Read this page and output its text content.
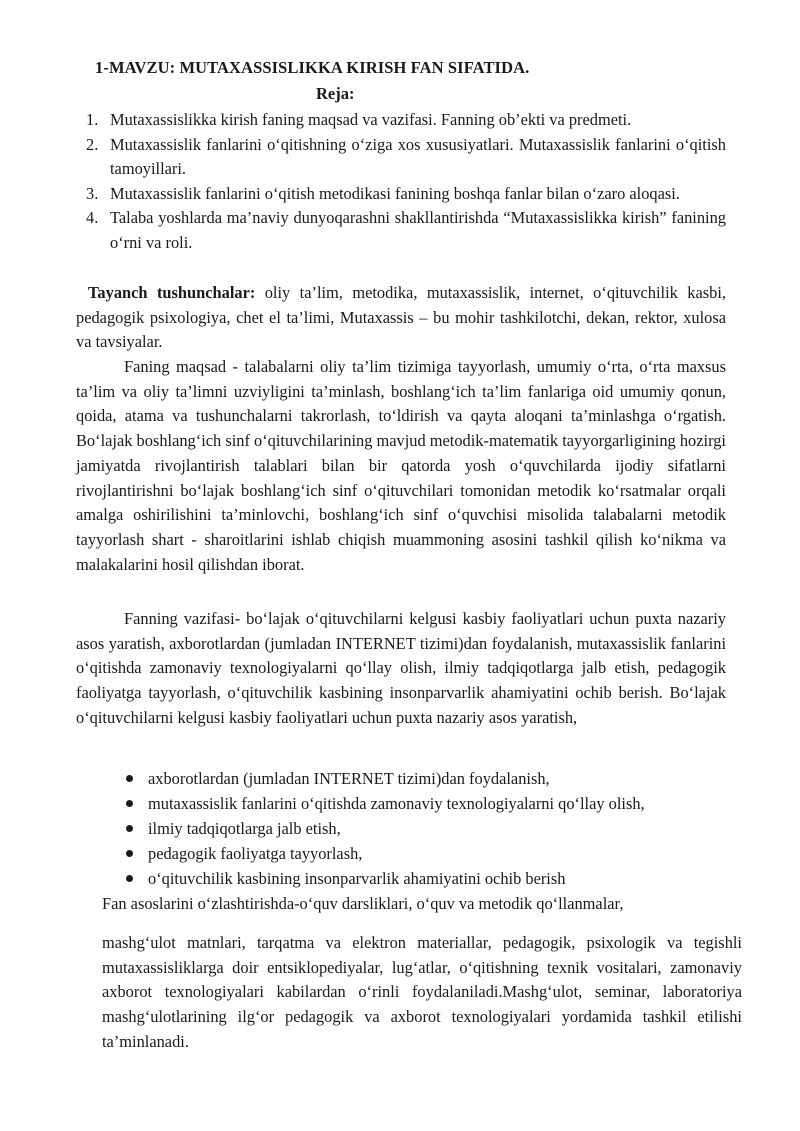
1-MAVZU: MUTAXASSISLIKKA KIRISH FAN SIFATIDA.

Reja:

1. Mutaxassislikka kirish faning maqsad va vazifasi. Fanning ob’ekti va predmeti.
2. Mutaxassislik fanlarini o‘qitishning o‘ziga xos xususiyatlari. Mutaxassislik fanlarini o‘qitish tamoyillari.
3. Mutaxassislik fanlarini o‘qitish metodikasi fanining boshqa fanlar bilan o‘zaro aloqasi.
4. Talaba yoshlarda ma’naviy dunyoqarashni shakllantirishda “Mutaxassislikka kirish” fanining o‘rni va roli.

Tayanch tushunchalar: oliy ta’lim, metodika, mutaxassislik, internet, o‘qituvchilik kasbi, pedagogik psixologiya, chet el ta’limi, Mutaxassis – bu mohir tashkilotchi, dekan, rektor, xulosa va tavsiyalar.

Faning maqsad - talabalarni oliy ta’lim tizimiga tayyorlash, umumiy o‘rta, o‘rta maxsus ta’lim va oliy ta’limni uzviyligini ta’minlash, boshlang‘ich ta’lim fanlariga oid umumiy qonun, qoida, atama va tushunchalarni takrorlash, to‘ldirish va qayta aloqani ta’minlashga o‘rgatish. Bo‘lajak boshlang‘ich sinf o‘qituvchilarining mavjud metodik-matematik tayyorgarligining hozirgi jamiyatda rivojlantirish talablari bilan bir qatorda yosh o‘quvchilarda ijodiy sifatlarni rivojlantirishni bo‘lajak boshlang‘ich sinf o‘qituvchilari tomonidan metodik ko‘rsatmalar orqali amalga oshirilishini ta’minlovchi, boshlang‘ich sinf o‘quvchisi misolida talabalarni metodik tayyorlash shart - sharoitlarini ishlab chiqish muammoning asosini tashkil qilish ko‘nikma va malakalarini hosil qilishdan iborat.

Fanning vazifasi- bo‘lajak o‘qituvchilarni kelgusi kasbiy faoliyatlari uchun puxta nazariy asos yaratish, axborotlardan (jumladan INTERNET tizimi)dan foydalanish, mutaxassislik fanlarini o‘qitishda zamonaviy texnologiyalarni qo‘llay olish, ilmiy tadqiqotlarga jalb etish, pedagogik faoliyatga tayyorlash, o‘qituvchilik kasbining insonparvarlik ahamiyatini ochib berish. Bo‘lajak o‘qituvchilarni kelgusi kasbiy faoliyatlari uchun puxta nazariy asos yaratish,

axborotlardan (jumladan INTERNET tizimi)dan foydalanish,
mutaxassislik fanlarini o‘qitishda zamonaviy texnologiyalarni qo‘llay olish,
ilmiy tadqiqotlarga jalb etish,
pedagogik faoliyatga tayyorlash,
o‘qituvchilik kasbining insonparvarlik ahamiyatini ochib berish

Fan asoslarini o‘zlashtirishda-o‘quv darsliklari, o‘quv va metodik qo‘llanmalar,

mashg‘ulot matnlari, tarqatma va elektron materiallar, pedagogik, psixologik va tegishli mutaxassisliklarga doir entsiklopediyalar, lug‘atlar, o‘qitishning texnik vositalari, zamonaviy axborot texnologiyalari kabilardan o‘rinli foydalaniladi.Mashg‘ulot, seminar, laboratoriya mashg‘ulotlarining ilg‘or pedagogik va axborot texnologiyalari yordamida tashkil etilishi ta’minlanadi.
